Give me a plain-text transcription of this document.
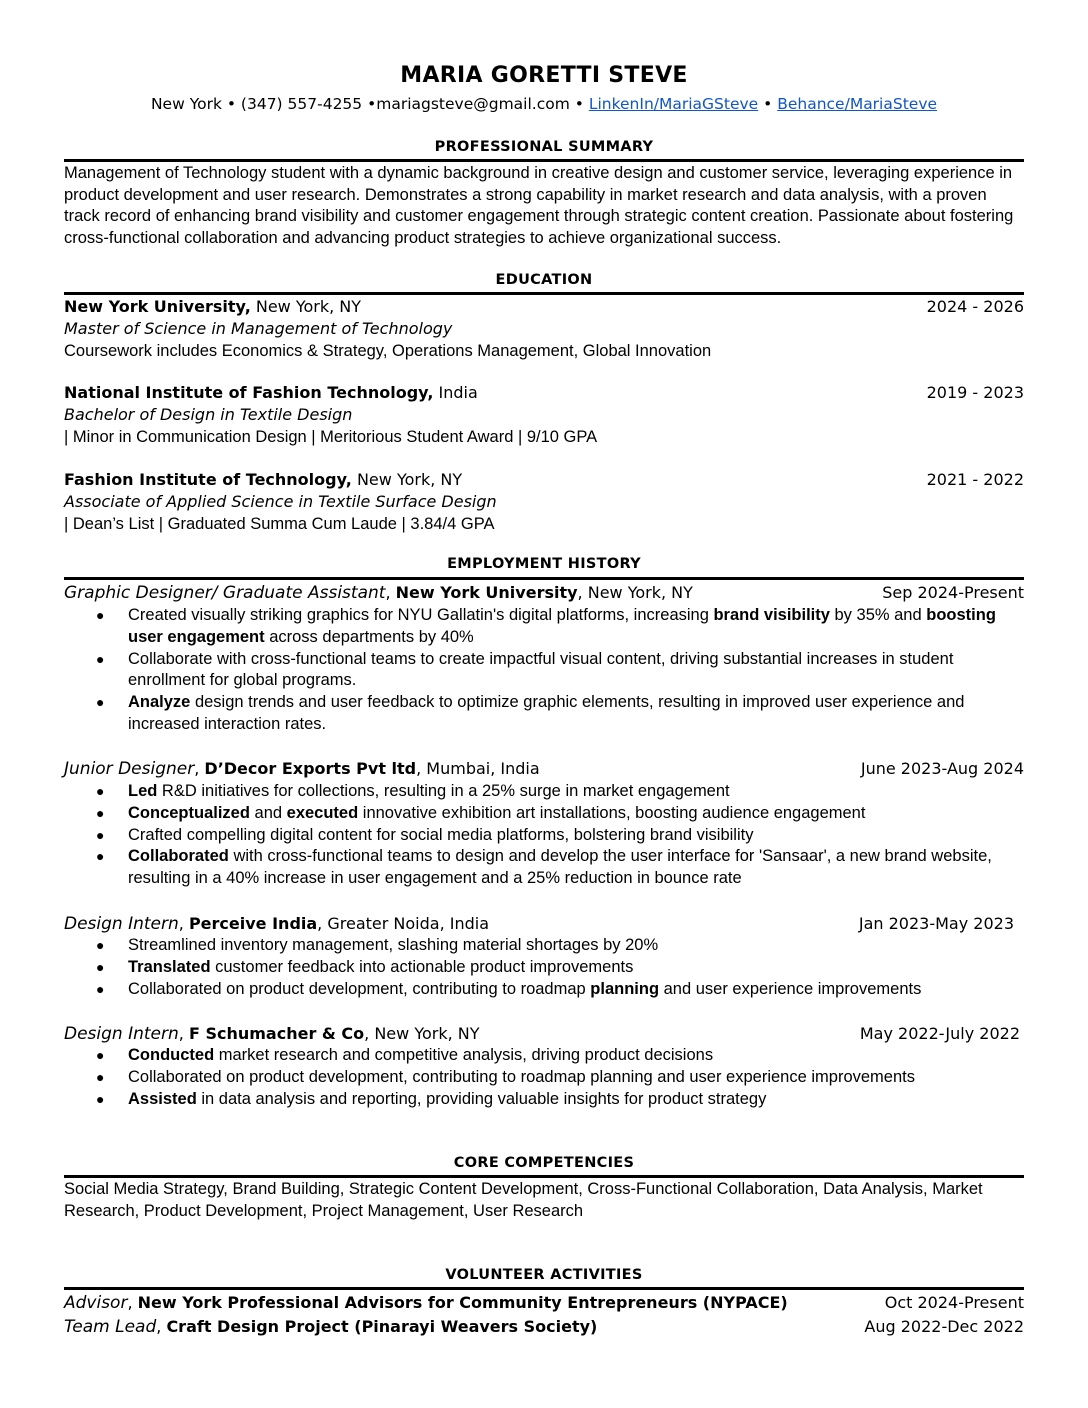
MARIA GORETTI STEVE
New York • (347) 557-4255 •mariagsteve@gmail.com • LinkenIn/MariaGSteve • Behance/MariaSteve
PROFESSIONAL SUMMARY
Management of Technology student with a dynamic background in creative design and customer service, leveraging experience in product development and user research. Demonstrates a strong capability in market research and data analysis, with a proven track record of enhancing brand visibility and customer engagement through strategic content creation. Passionate about fostering cross-functional collaboration and advancing product strategies to achieve organizational success.
EDUCATION
New York University, New York, NY	2024 - 2026
Master of Science in Management of Technology
Coursework includes Economics & Strategy, Operations Management, Global Innovation
National Institute of Fashion Technology, India	2019 - 2023
Bachelor of Design in Textile Design
| Minor in Communication Design | Meritorious Student Award | 9/10 GPA
Fashion Institute of Technology, New York, NY	2021 - 2022
Associate of Applied Science in Textile Surface Design
| Dean’s List | Graduated Summa Cum Laude | 3.84/4 GPA
EMPLOYMENT HISTORY
Graphic Designer/ Graduate Assistant, New York University, New York, NY	Sep 2024-Present
● Created visually striking graphics for NYU Gallatin's digital platforms, increasing brand visibility by 35% and boosting user engagement across departments by 40%
● Collaborate with cross-functional teams to create impactful visual content, driving substantial increases in student enrollment for global programs.
● Analyze design trends and user feedback to optimize graphic elements, resulting in improved user experience and increased interaction rates.
Junior Designer, D’Decor Exports Pvt ltd, Mumbai, India	June 2023-Aug 2024
● Led R&D initiatives for collections, resulting in a 25% surge in market engagement
● Conceptualized and executed innovative exhibition art installations, boosting audience engagement
● Crafted compelling digital content for social media platforms, bolstering brand visibility
● Collaborated with cross-functional teams to design and develop the user interface for 'Sansaar', a new brand website, resulting in a 40% increase in user engagement and a 25% reduction in bounce rate
Design Intern, Perceive India, Greater Noida, India	Jan 2023-May 2023
● Streamlined inventory management, slashing material shortages by 20%
● Translated customer feedback into actionable product improvements
● Collaborated on product development, contributing to roadmap planning and user experience improvements
Design Intern, F Schumacher & Co, New York, NY	May 2022-July 2022
● Conducted market research and competitive analysis, driving product decisions
● Collaborated on product development, contributing to roadmap planning and user experience improvements
● Assisted in data analysis and reporting, providing valuable insights for product strategy
CORE COMPETENCIES
Social Media Strategy, Brand Building, Strategic Content Development, Cross-Functional Collaboration, Data Analysis, Market Research, Product Development, Project Management, User Research
VOLUNTEER ACTIVITIES
Advisor, New York Professional Advisors for Community Entrepreneurs (NYPACE)	Oct 2024-Present
Team Lead, Craft Design Project (Pinarayi Weavers Society)	Aug 2022-Dec 2022
